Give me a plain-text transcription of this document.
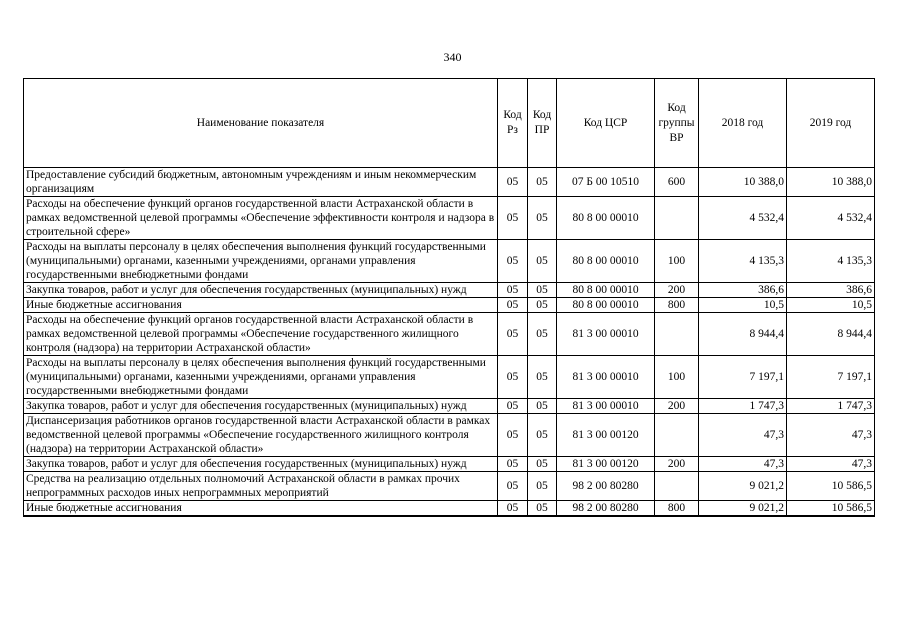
340
Наименование показателя	Код Рз	Код ПР	Код ЦСР	Код группы ВР	2018 год	2019 год
Предоставление субсидий бюджетным, автономным учреждениям и иным некоммерческим организациям	05	05	07 Б 00 10510	600	10 388,0	10 388,0
Расходы на обеспечение функций органов государственной власти Астраханской области в рамках ведомственной целевой программы «Обеспечение эффективности контроля и надзора в строительной сфере»	05	05	80 8 00 00010		4 532,4	4 532,4
Расходы на выплаты персоналу в целях обеспечения выполнения функций государственными (муниципальными) органами, казенными учреждениями, органами управления государственными внебюджетными фондами	05	05	80 8 00 00010	100	4 135,3	4 135,3
Закупка товаров, работ и услуг для обеспечения государственных (муниципальных) нужд	05	05	80 8 00 00010	200	386,6	386,6
Иные бюджетные ассигнования	05	05	80 8 00 00010	800	10,5	10,5
Расходы на обеспечение функций органов государственной власти Астраханской области в рамках ведомственной целевой программы «Обеспечение государственного жилищного контроля (надзора) на территории Астраханской области»	05	05	81 3 00 00010		8 944,4	8 944,4
Расходы на выплаты персоналу в целях обеспечения выполнения функций государственными (муниципальными) органами, казенными учреждениями, органами управления государственными внебюджетными фондами	05	05	81 3 00 00010	100	7 197,1	7 197,1
Закупка товаров, работ и услуг для обеспечения государственных (муниципальных) нужд	05	05	81 3 00 00010	200	1 747,3	1 747,3
Диспансеризация работников органов государственной власти Астраханской области в рамках ведомственной целевой программы «Обеспечение государственного жилищного контроля (надзора) на территории Астраханской области»	05	05	81 3 00 00120		47,3	47,3
Закупка товаров, работ и услуг для обеспечения государственных (муниципальных) нужд	05	05	81 3 00 00120	200	47,3	47,3
Средства на реализацию отдельных полномочий Астраханской области в рамках прочих непрограммных расходов иных непрограммных мероприятий	05	05	98 2 00 80280		9 021,2	10 586,5
Иные бюджетные ассигнования	05	05	98 2 00 80280	800	9 021,2	10 586,5
